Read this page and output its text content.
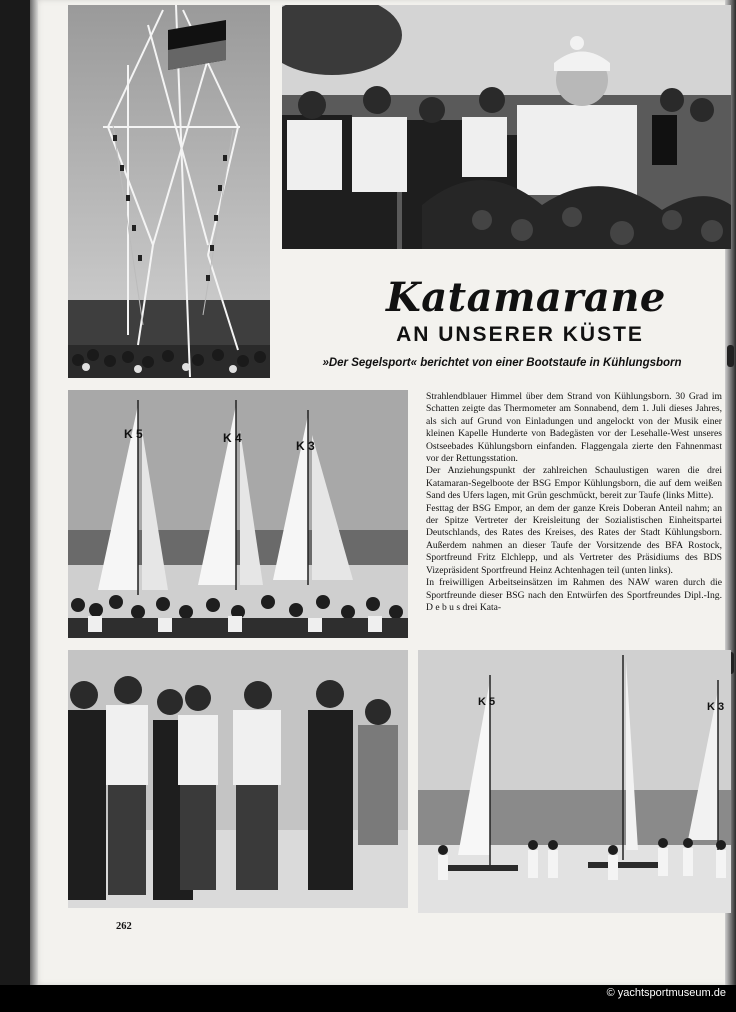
Katamarane
AN UNSERER KÜSTE

»Der Segelsport« berichtet von einer Bootstaufe in Kühlungsborn

K 5	K 4
K 3

Strahlendblauer Himmel über dem Strand von Kühlungsborn. 30 Grad im Schatten zeigte das Thermometer am Sonnabend, dem 1. Juli dieses Jahres, als sich auf Grund von Einladungen und angelockt von der Musik einer kleinen Kapelle Hunderte von Badegästen vor der Lesehalle-West unseres Ostseebades Kühlungsborn einfanden. Flaggengala zierte den Fahnenmast vor der Rettungsstation.

Der Anziehungspunkt der zahlreichen Schaulustigen waren die drei Katamaran-Segelboote der BSG Empor Kühlungsborn, die auf dem weißen Sand des Ufers lagen, mit Grün geschmückt, bereit zur Taufe (links Mitte).

Festtag der BSG Empor, an dem der ganze Kreis Doberan Anteil nahm; an der Spitze Vertreter der Kreisleitung der Sozialistischen Einheitspartei Deutschlands, des Rates des Kreises, des Rates der Stadt Kühlungsborn. Außerdem nahmen an dieser Taufe der Vorsitzende des BFA Rostock, Sportfreund Fritz Elchlepp, und als Vertreter des Präsidiums des BDS Vizepräsident Sportfreund Heinz Achtenhagen teil (unten links).

In freiwilligen Arbeitseinsätzen im Rahmen des NAW waren durch die Sportfreunde dieser BSG nach den Entwürfen des Sportfreundes Dipl.-Ing. D e b u s drei Kata-

K 5	K 3
262
© yachtsportmuseum.de
